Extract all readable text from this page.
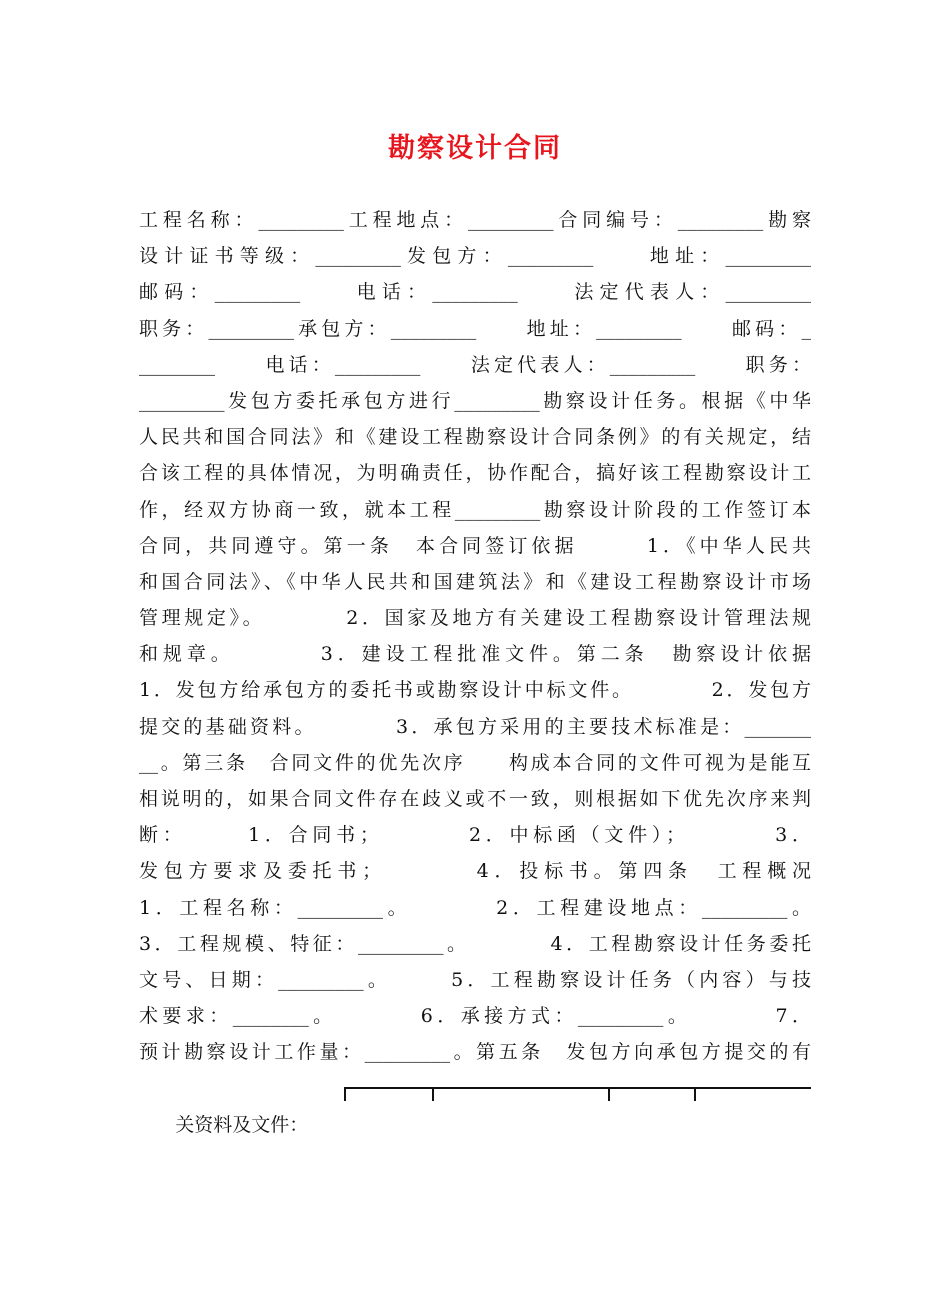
勘察设计合同
工程名称：_________工程地点：_________合同编号：_________勘察
设计证书等级：_________发包方：_________　　地址：_________
邮码：_________　　电话：_________　　法定代表人：_________
职务：_________承包方：_________　　地址：_________　　邮码：_
________　　电话：_________　　法定代表人：_________　　职务：
_________发包方委托承包方进行_________勘察设计任务。根据《中华
人民共和国合同法》和《建设工程勘察设计合同条例》的有关规定，结
合该工程的具体情况，为明确责任，协作配合，搞好该工程勘察设计工
作，经双方协商一致，就本工程_________勘察设计阶段的工作签订本
合同，共同遵守。第一条　本合同签订依据　　　1．《中华人民共
和国合同法》、《中华人民共和国建筑法》和《建设工程勘察设计市场
管理规定》。　　　　2．国家及地方有关建设工程勘察设计管理法规
和规章。　　　　3．建设工程批准文件。第二条　勘察设计依据
1．发包方给承包方的委托书或勘察设计中标文件。　　　　2．发包方
提交的基础资料。　　　　3．承包方采用的主要技术标准是：_______
__。第三条　合同文件的优先次序　　构成本合同的文件可视为是能互
相说明的，如果合同文件存在歧义或不一致，则根据如下优先次序来判
断：　　　1．合同书；　　　　2．中标函（文件）；　　　　3．
发包方要求及委托书；　　　　4．投标书。第四条　工程概况
1．工程名称：_________。　　　　2．工程建设地点：_________。
3．工程规模、特征：_________。　　　　4．工程勘察设计任务委托
文号、日期：_________。　　　5．工程勘察设计任务（内容）与技
术要求：________。　　　　6．承接方式：_________。　　　　7．
预计勘察设计工作量：_________。第五条　发包方向承包方提交的有

关资料及文件：
